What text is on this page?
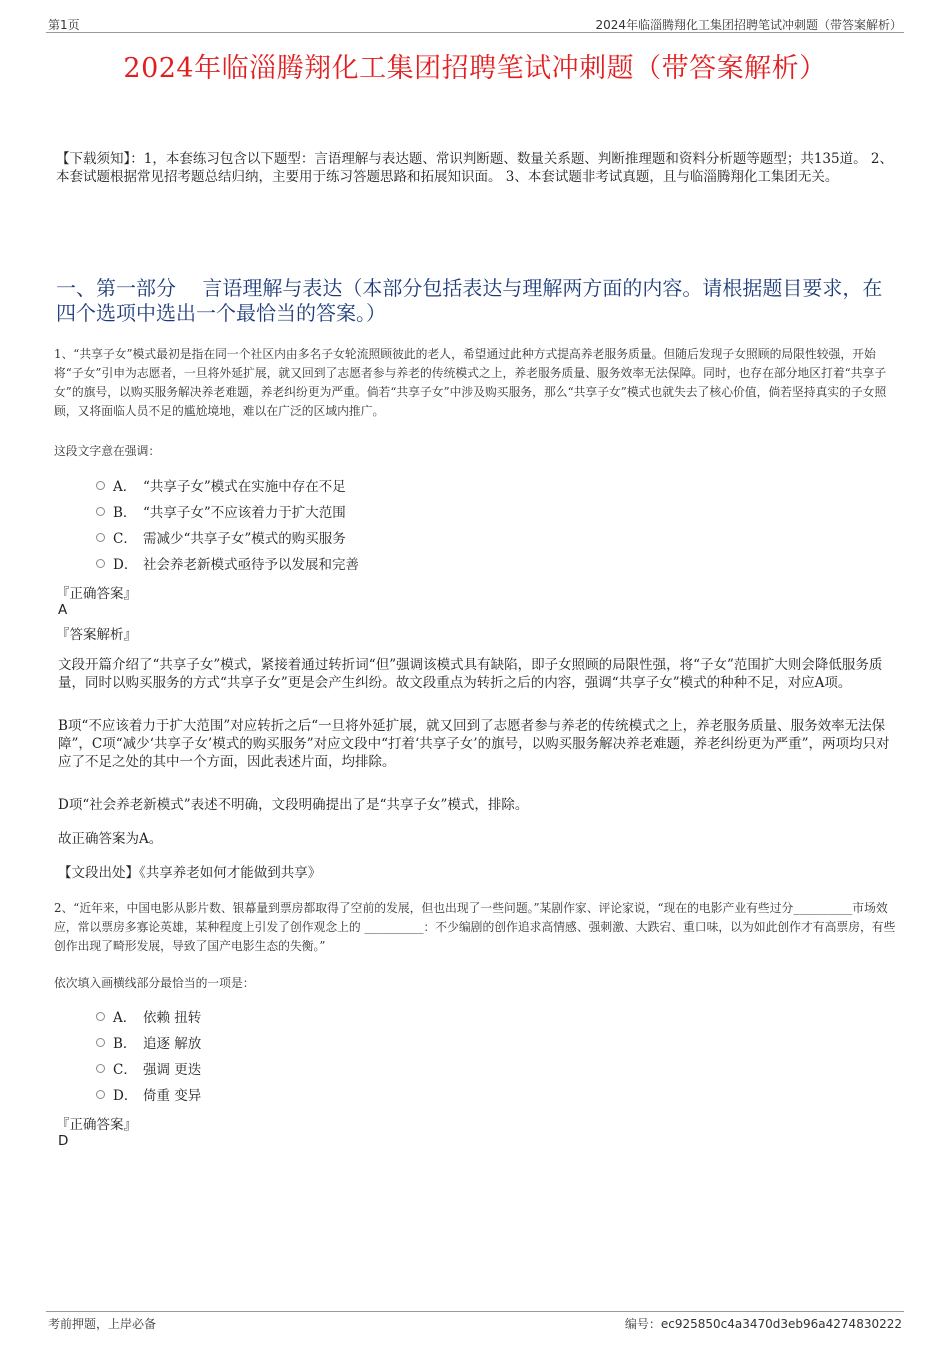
第1页	2024年临淄腾翔化工集团招聘笔试冲刺题（带答案解析）
2024年临淄腾翔化工集团招聘笔试冲刺题（带答案解析）
【下载须知】：1，本套练习包含以下题型：言语理解与表达题、常识判断题、数量关系题、判断推理题和资料分析题等题型；共135道。 2、本套试题根据常见招考题总结归纳，主要用于练习答题思路和拓展知识面。 3、本套试题非考试真题，且与临淄腾翔化工集团无关。
一、第一部分　 言语理解与表达（本部分包括表达与理解两方面的内容。请根据题目要求，在四个选项中选出一个最恰当的答案。）
1、“共享子女”模式最初是指在同一个社区内由多名子女轮流照顾彼此的老人，希望通过此种方式提高养老服务质量。但随后发现子女照顾的局限性较强，开始将“子女”引申为志愿者，一旦将外延扩展，就又回到了志愿者参与养老的传统模式之上，养老服务质量、服务效率无法保障。同时，也存在部分地区打着“共享子女”的旗号，以购买服务解决养老难题，养老纠纷更为严重。倘若“共享子女”中涉及购买服务，那么“共享子女”模式也就失去了核心价值，倘若坚持真实的子女照顾，又将面临人员不足的尴尬境地，难以在广泛的区域内推广。
这段文字意在强调：
A． “共享子女”模式在实施中存在不足
B． “共享子女”不应该着力于扩大范围
C． 需减少“共享子女”模式的购买服务
D． 社会养老新模式亟待予以发展和完善
『正确答案』
A
『答案解析』
文段开篇介绍了“共享子女”模式，紧接着通过转折词“但”强调该模式具有缺陷，即子女照顾的局限性强，将“子女”范围扩大则会降低服务质量，同时以购买服务的方式“共享子女”更是会产生纠纷。故文段重点为转折之后的内容，强调“共享子女”模式的种种不足，对应A项。
B项“不应该着力于扩大范围”对应转折之后“一旦将外延扩展，就又回到了志愿者参与养老的传统模式之上，养老服务质量、服务效率无法保障”，C项“减少‘共享子女’模式的购买服务”对应文段中“打着‘共享子女’的旗号，以购买服务解决养老难题，养老纠纷更为严重”，两项均只对应了不足之处的其中一个方面，因此表述片面，均排除。
D项“社会养老新模式”表述不明确，文段明确提出了是“共享子女”模式，排除。
故正确答案为A。
【文段出处】《共享养老如何才能做到共享》
2、“近年来，中国电影从影片数、银幕量到票房都取得了空前的发展，但也出现了一些问题。”某剧作家、评论家说，“现在的电影产业有些过分__________市场效应，常以票房多寡论英雄，某种程度上引发了创作观念上的 __________：不少编剧的创作追求高情感、强刺激、大跌宕、重口味，以为如此创作才有高票房，有些创作出现了畸形发展，导致了国产电影生态的失衡。”
依次填入画横线部分最恰当的一项是：
A． 依赖 扭转
B． 追逐 解放
C． 强调 更迭
D． 倚重 变异
『正确答案』
D
考前押题，上岸必备	编号：ec925850c4a3470d3eb96a4274830222
